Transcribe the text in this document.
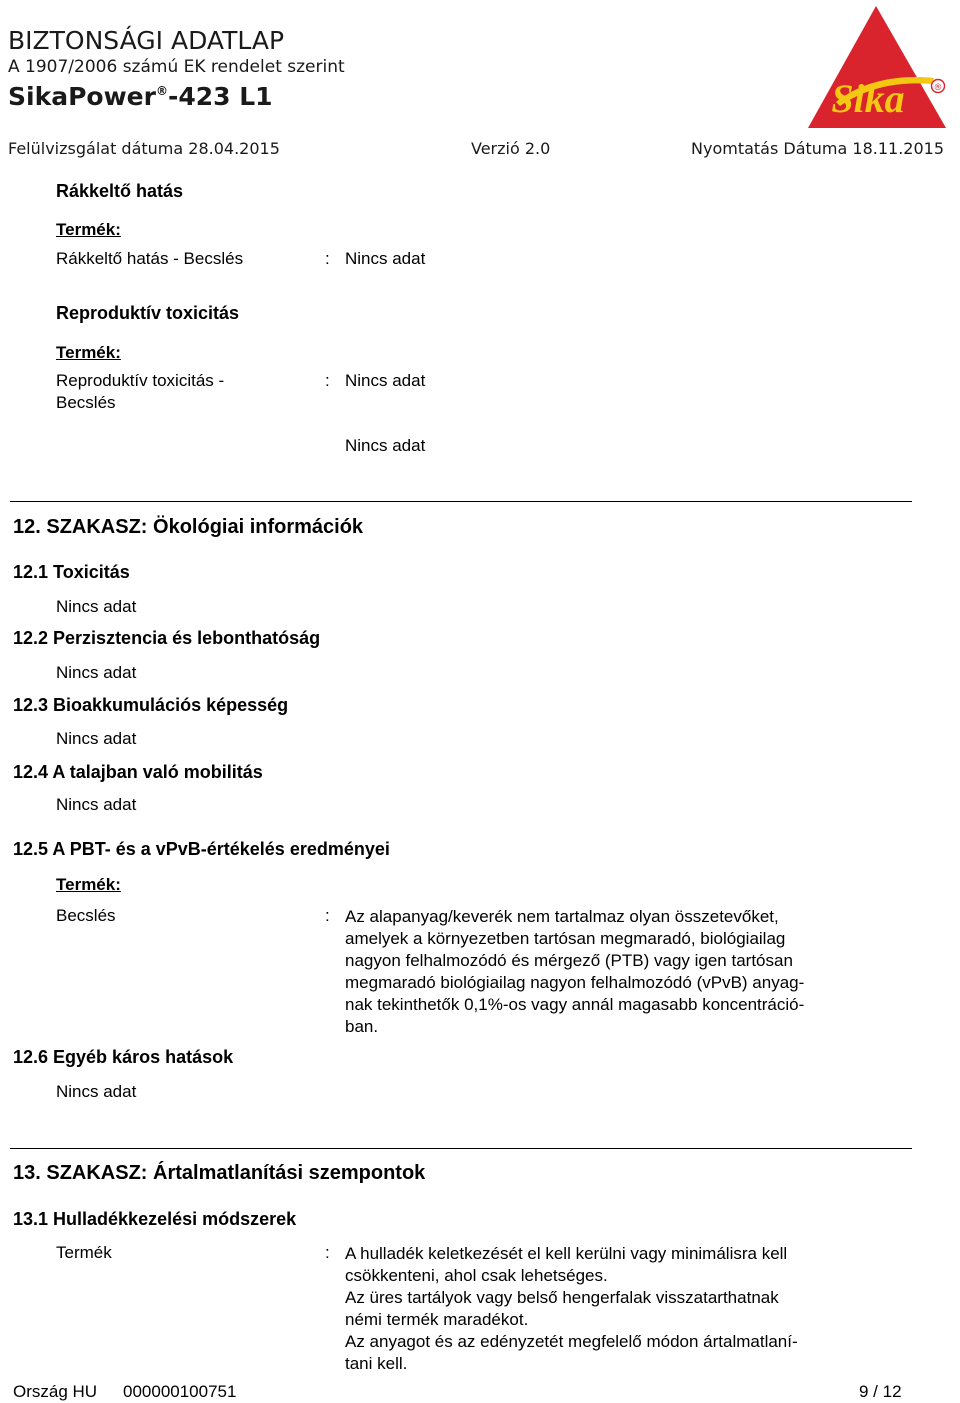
BIZTONSÁGI ADATLAP
A 1907/2006 számú EK rendelet szerint
SikaPower®-423 L1
Felülvizsgálat dátuma 28.04.2015	Verzió 2.0	Nyomtatás Dátuma 18.11.2015
Sika	®
Rákkeltő hatás
Termék:
Rákkeltő hatás - Becslés	: Nincs adat
Reproduktív toxicitás
Termék:
Reproduktív toxicitás -
Becslés
: Nincs adat
Nincs adat
12. SZAKASZ: Ökológiai információk
12.1 Toxicitás
Nincs adat
12.2 Perzisztencia és lebonthatóság
Nincs adat
12.3 Bioakkumulációs képesség
Nincs adat
12.4 A talajban való mobilitás
Nincs adat
12.5 A PBT- és a vPvB-értékelés eredményei
Termék:
Becslés	: Az alapanyag/keverék nem tartalmaz olyan összetevőket,
amelyek a környezetben tartósan megmaradó, biológiailag
nagyon felhalmozódó és mérgező (PTB) vagy igen tartósan
megmaradó biológiailag nagyon felhalmozódó (vPvB) anyag-
nak tekinthetők 0,1%-os vagy annál magasabb koncentráció-
ban.
12.6 Egyéb káros hatások
Nincs adat
13. SZAKASZ: Ártalmatlanítási szempontok
13.1 Hulladékkezelési módszerek
Termék	: A hulladék keletkezését el kell kerülni vagy minimálisra kell
csökkenteni, ahol csak lehetséges.
Az üres tartályok vagy belső hengerfalak visszatarthatnak
némi termék maradékot.
Az anyagot és az edényzetét megfelelő módon ártalmatlaní-
tani kell.
Ország HU 000000100751	9 / 12
